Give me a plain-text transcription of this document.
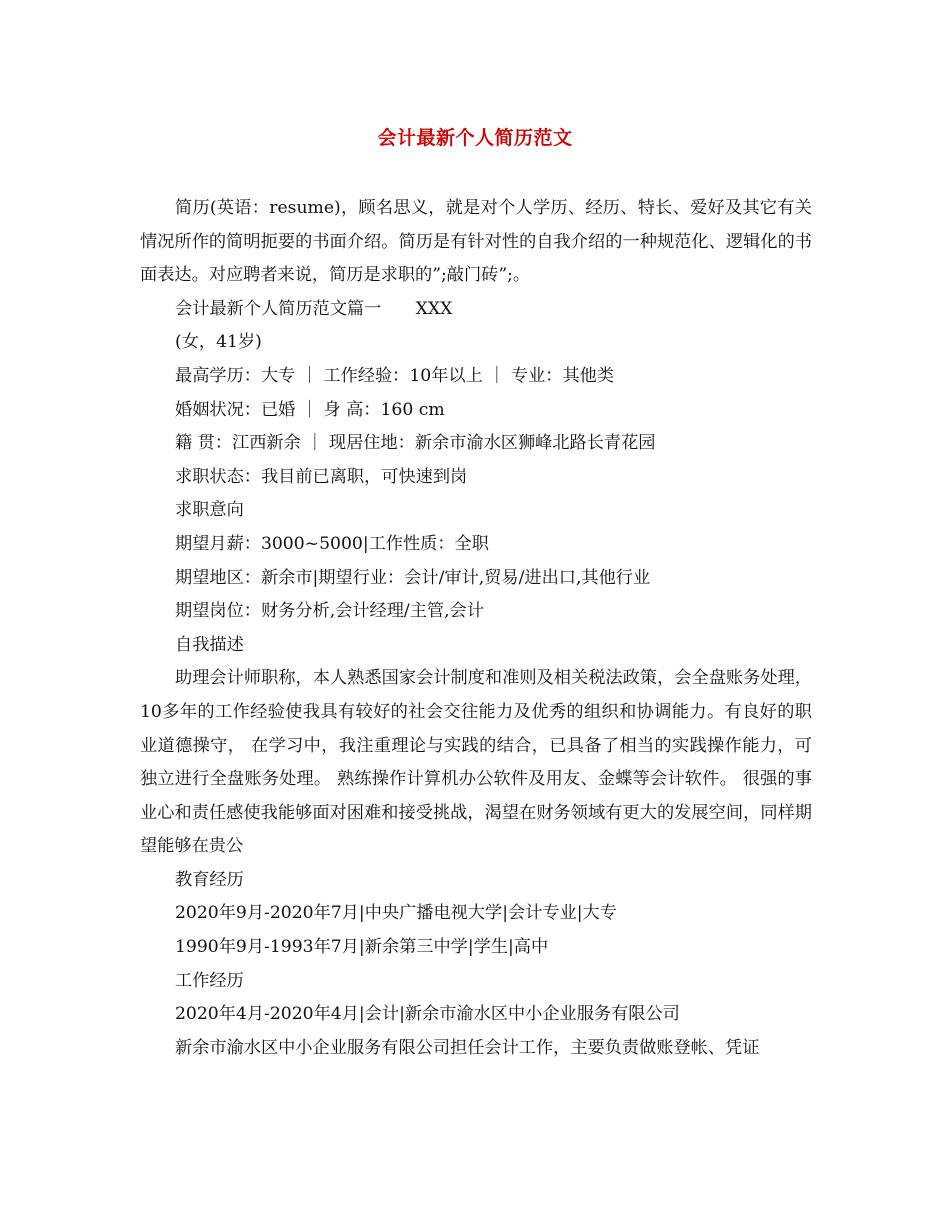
会计最新个人简历范文

简历(英语：resume)，顾名思义，就是对个人学历、经历、特长、爱好及其它有关情况所作的简明扼要的书面介绍。简历是有针对性的自我介绍的一种规范化、逻辑化的书面表达。对应聘者来说，简历是求职的”;敲门砖”;。

会计最新个人简历范文篇一　　XXX

(女，41岁)

最高学历：大专 ｜ 工作经验：10年以上 ｜ 专业：其他类

婚姻状况：已婚 ｜ 身 高：160 cm

籍 贯：江西新余 ｜ 现居住地：新余市渝水区狮峰北路长青花园

求职状态：我目前已离职，可快速到岗

求职意向

期望月薪：3000~5000|工作性质：全职

期望地区：新余市|期望行业：会计/审计,贸易/进出口,其他行业

期望岗位：财务分析,会计经理/主管,会计

自我描述

助理会计师职称，本人熟悉国家会计制度和准则及相关税法政策，会全盘账务处理，10多年的工作经验使我具有较好的社会交往能力及优秀的组织和协调能力。有良好的职业道德操守， 在学习中，我注重理论与实践的结合，已具备了相当的实践操作能力，可独立进行全盘账务处理。 熟练操作计算机办公软件及用友、金蝶等会计软件。 很强的事业心和责任感使我能够面对困难和接受挑战，渴望在财务领域有更大的发展空间，同样期望能够在贵公

教育经历

2020年9月-2020年7月|中央广播电视大学|会计专业|大专

1990年9月-1993年7月|新余第三中学|学生|高中

工作经历

2020年4月-2020年4月|会计|新余市渝水区中小企业服务有限公司

新余市渝水区中小企业服务有限公司担任会计工作，主要负责做账登帐、凭证
